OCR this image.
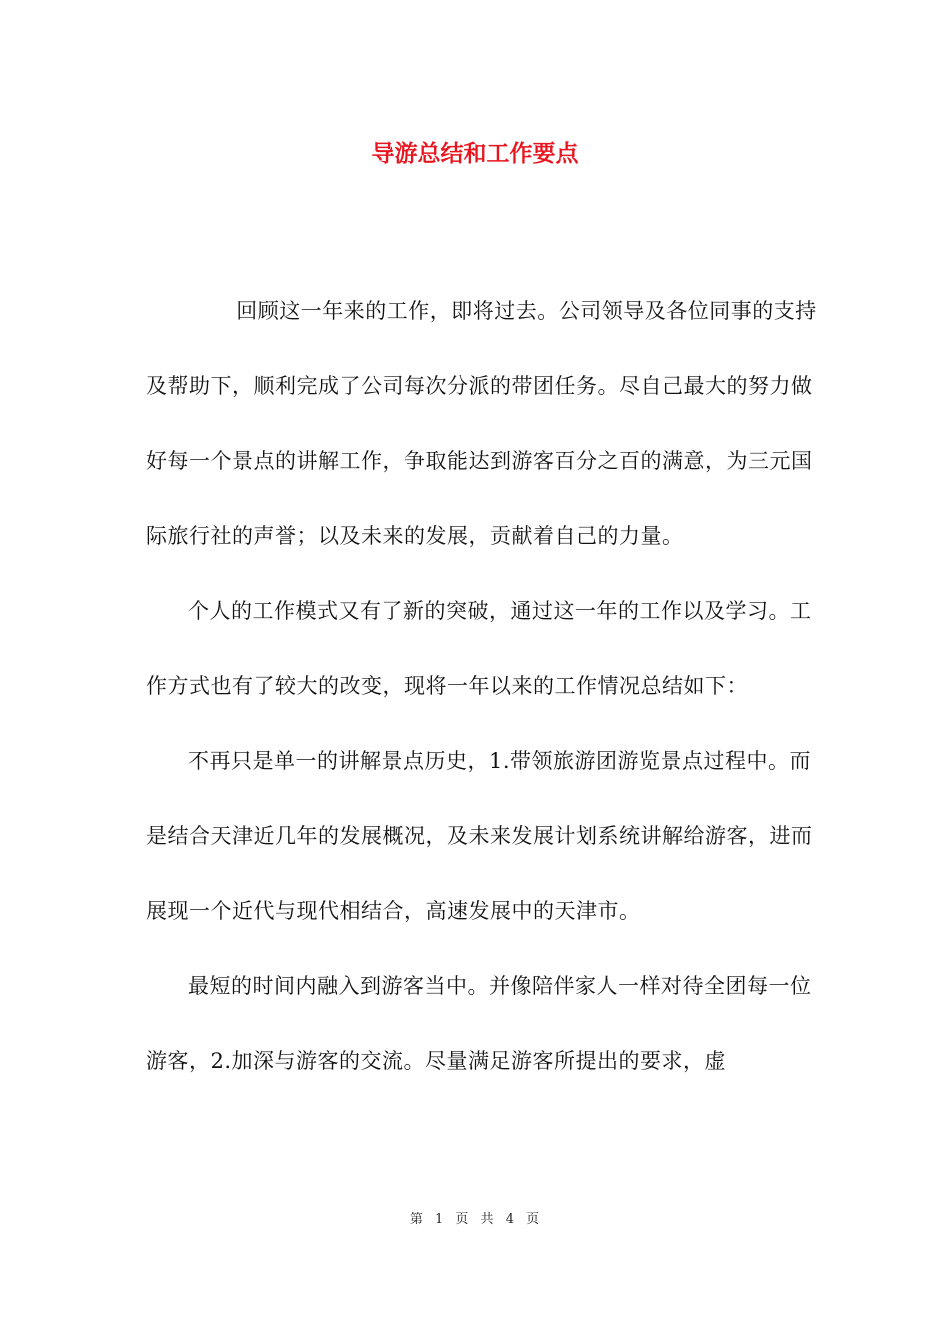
导游总结和工作要点

回顾这一年来的工作，即将过去。公司领导及各位同事的支持及帮助下，顺利完成了公司每次分派的带团任务。尽自己最大的努力做好每一个景点的讲解工作，争取能达到游客百分之百的满意，为三元国际旅行社的声誉；以及未来的发展，贡献着自己的力量。

个人的工作模式又有了新的突破，通过这一年的工作以及学习。工作方式也有了较大的改变，现将一年以来的工作情况总结如下：

不再只是单一的讲解景点历史，1.带领旅游团游览景点过程中。而是结合天津近几年的发展概况，及未来发展计划系统讲解给游客，进而展现一个近代与现代相结合，高速发展中的天津市。

最短的时间内融入到游客当中。并像陪伴家人一样对待全团每一位游客，2.加深与游客的交流。尽量满足游客所提出的要求，虚

第 1 页 共 4 页
